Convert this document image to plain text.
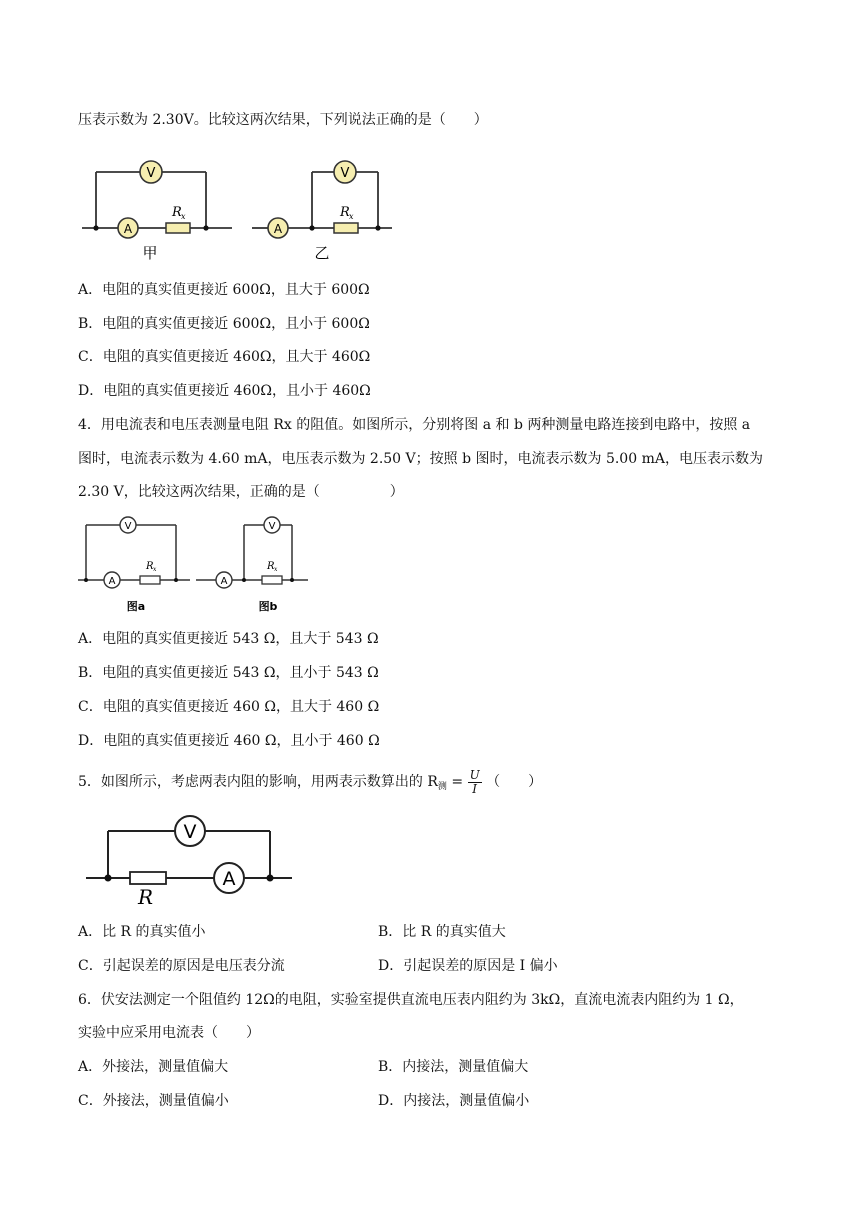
压表示数为 2.30V。比较这两次结果，下列说法正确的是（　　）
V
A
R x
甲
V
A
R x
乙
A．电阻的真实值更接近 600Ω，且大于 600Ω
B．电阻的真实值更接近 600Ω，且小于 600Ω
C．电阻的真实值更接近 460Ω，且大于 460Ω
D．电阻的真实值更接近 460Ω，且小于 460Ω
4．用电流表和电压表测量电阻 Rx 的阻值。如图所示，分别将图 a 和 b 两种测量电路连接到电路中，按照 a
图时，电流表示数为 4.60 mA，电压表示数为 2.50 V；按照 b 图时，电流表示数为 5.00 mA，电压表示数为
2.30 V，比较这两次结果，正确的是（　　　　　）
V
A
R x
图a
V
A
R x
图b
A．电阻的真实值更接近 543 Ω，且大于 543 Ω
B．电阻的真实值更接近 543 Ω，且小于 543 Ω
C．电阻的真实值更接近 460 Ω，且大于 460 Ω
D．电阻的真实值更接近 460 Ω，且小于 460 Ω
5．如图所示，考虑两表内阻的影响，用两表示数算出的 $R_测 = \frac{U}{I}$ （　　）
V
R
A
A．比 R 的真实值小	B．比 R 的真实值大
C．引起误差的原因是电压表分流	D．引起误差的原因是 I 偏小
6．伏安法测定一个阻值约 12Ω的电阻，实验室提供直流电压表内阻约为 3kΩ，直流电流表内阻约为 1 Ω，
实验中应采用电流表（　　）
A．外接法，测量值偏大	B．内接法，测量值偏大
C．外接法，测量值偏小	D．内接法，测量值偏小
